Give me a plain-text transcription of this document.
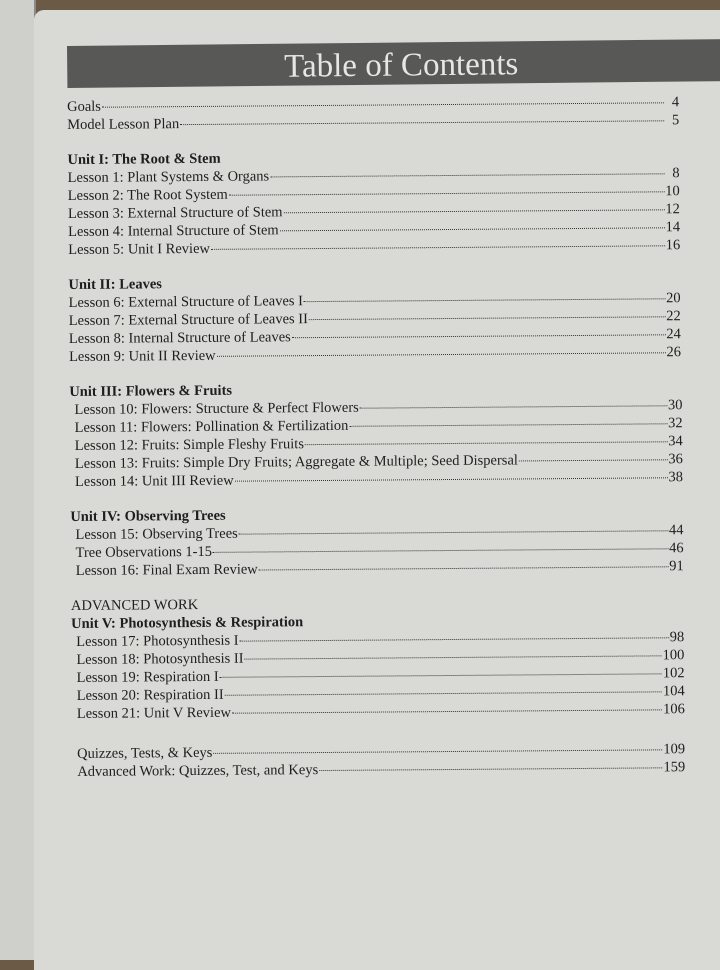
Table of Contents
Goals	4
Model Lesson Plan	5
Unit I: The Root & Stem
Lesson 1: Plant Systems & Organs	8
Lesson 2: The Root System	10
Lesson 3: External Structure of Stem	12
Lesson 4: Internal Structure of Stem	14
Lesson 5: Unit I Review	16
Unit II: Leaves
Lesson 6: External Structure of Leaves I	20
Lesson 7: External Structure of Leaves II	22
Lesson 8: Internal Structure of Leaves	24
Lesson 9: Unit II Review	26
Unit III: Flowers & Fruits
Lesson 10: Flowers: Structure & Perfect Flowers	30
Lesson 11: Flowers: Pollination & Fertilization	32
Lesson 12: Fruits: Simple Fleshy Fruits	34
Lesson 13: Fruits: Simple Dry Fruits; Aggregate & Multiple; Seed Dispersal	36
Lesson 14: Unit III Review	38
Unit IV: Observing Trees
Lesson 15: Observing Trees	44
Tree Observations 1-15	46
Lesson 16: Final Exam Review	91
ADVANCED WORK
Unit V: Photosynthesis & Respiration
Lesson 17: Photosynthesis I	98
Lesson 18: Photosynthesis II	100
Lesson 19: Respiration I	102
Lesson 20: Respiration II	104
Lesson 21: Unit V Review	106
Quizzes, Tests, & Keys	109
Advanced Work: Quizzes, Test, and Keys	159
